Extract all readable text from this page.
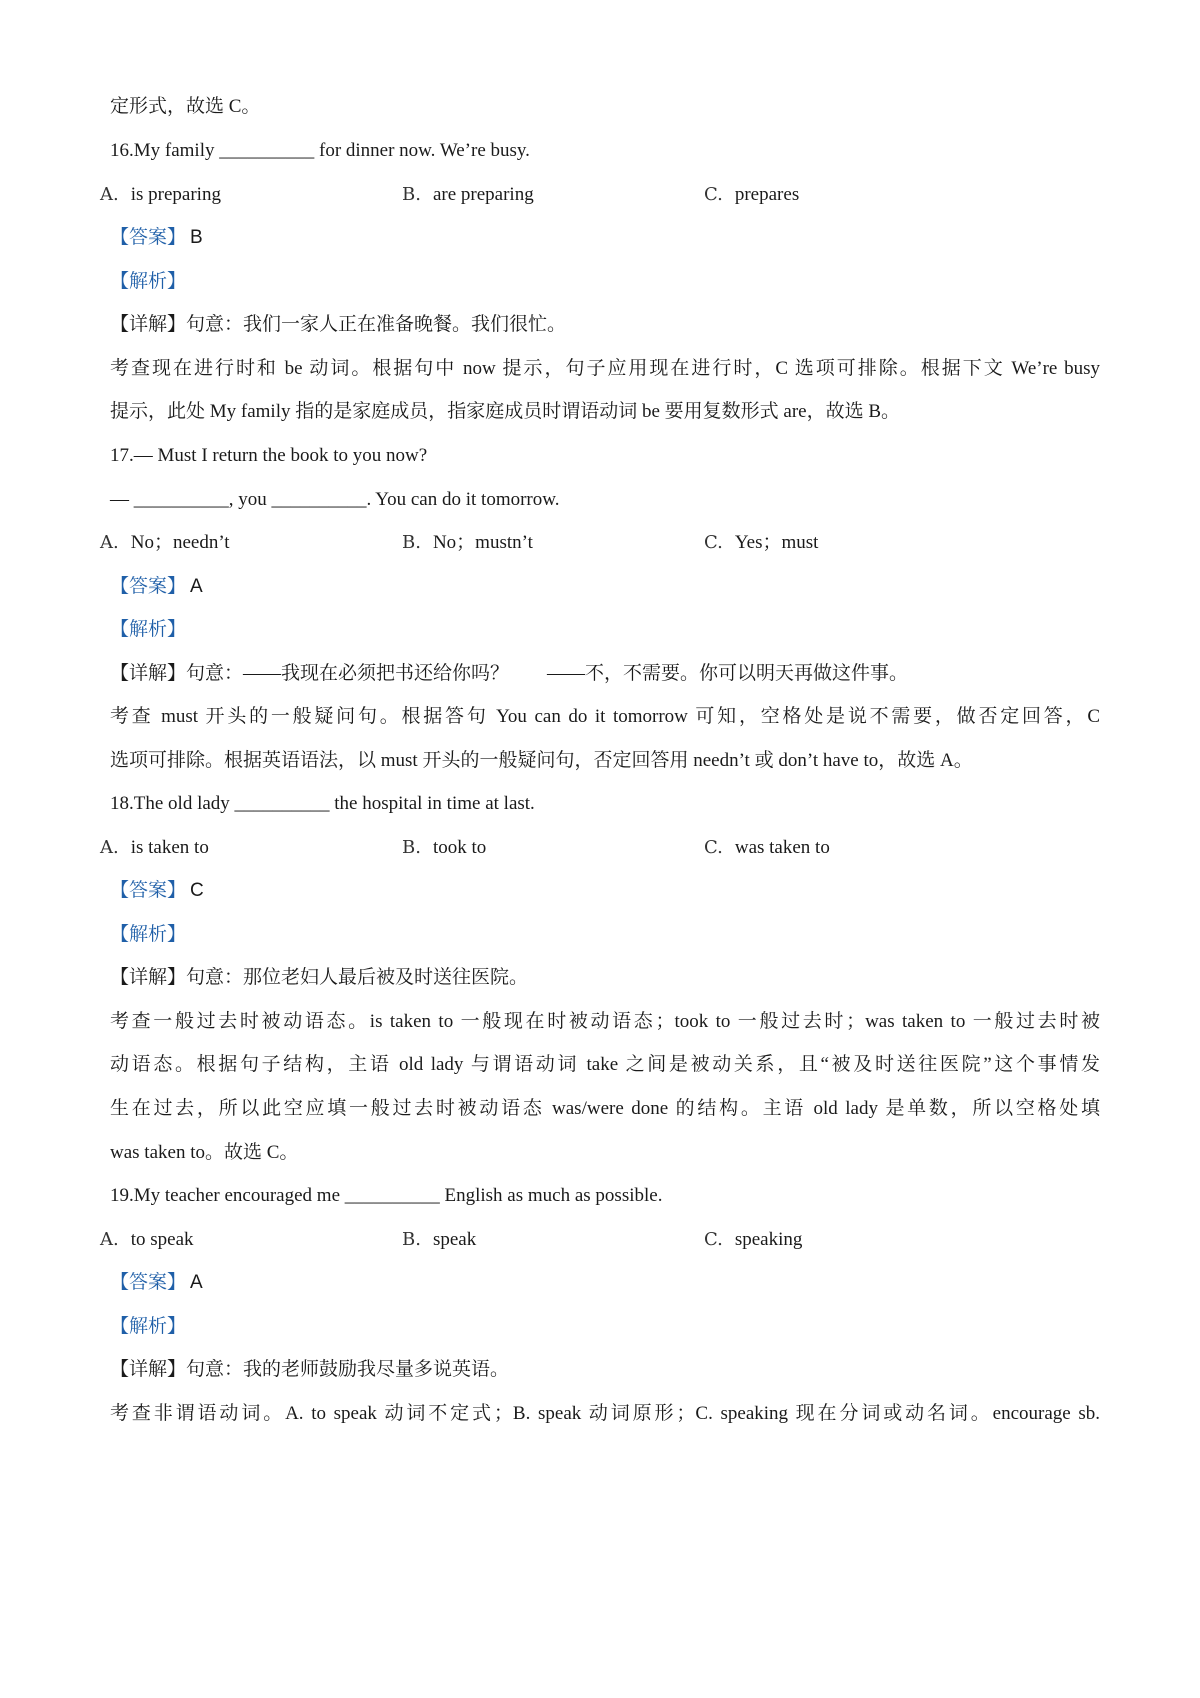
定形式，故选 C。
16.My family __________ for dinner now. We’re busy.
A. is preparing	B. are preparing	C. prepares
【答案】 B
【解析】
【详解】句意：我们一家人正在准备晚餐。我们很忙。
考查现在进行时和 be 动词。根据句中 now 提示，句子应用现在进行时，C 选项可排除。根据下文 We’re busy
提示，此处 My family 指的是家庭成员，指家庭成员时谓语动词 be 要用复数形式 are，故选 B。
17.— Must I return the book to you now?
— __________, you __________. You can do it tomorrow.
A. No；needn’t	B. No；mustn’t	C. Yes；must
【答案】 A
【解析】
【详解】句意：——我现在必须把书还给你吗？　　——不，不需要。你可以明天再做这件事。
考查 must 开头的一般疑问句。根据答句 You can do it tomorrow 可知，空格处是说不需要，做否定回答，C
选项可排除。根据英语语法，以 must 开头的一般疑问句，否定回答用 needn’t 或 don’t have to，故选 A。
18.The old lady __________ the hospital in time at last.
A. is taken to	B. took to	C. was taken to
【答案】 C
【解析】
【详解】句意：那位老妇人最后被及时送往医院。
考查一般过去时被动语态。is taken to 一般现在时被动语态；took to 一般过去时；was taken to 一般过去时被
动语态。根据句子结构，主语 old lady 与谓语动词 take 之间是被动关系，且“被及时送往医院”这个事情发
生在过去，所以此空应填一般过去时被动语态 was/were done 的结构。主语 old lady 是单数，所以空格处填
was taken to。故选 C。
19.My teacher encouraged me __________ English as much as possible.
A. to speak	B. speak	C. speaking
【答案】 A
【解析】
【详解】句意：我的老师鼓励我尽量多说英语。
考查非谓语动词。A. to speak 动词不定式；B. speak 动词原形；C. speaking 现在分词或动名词。encourage sb.
